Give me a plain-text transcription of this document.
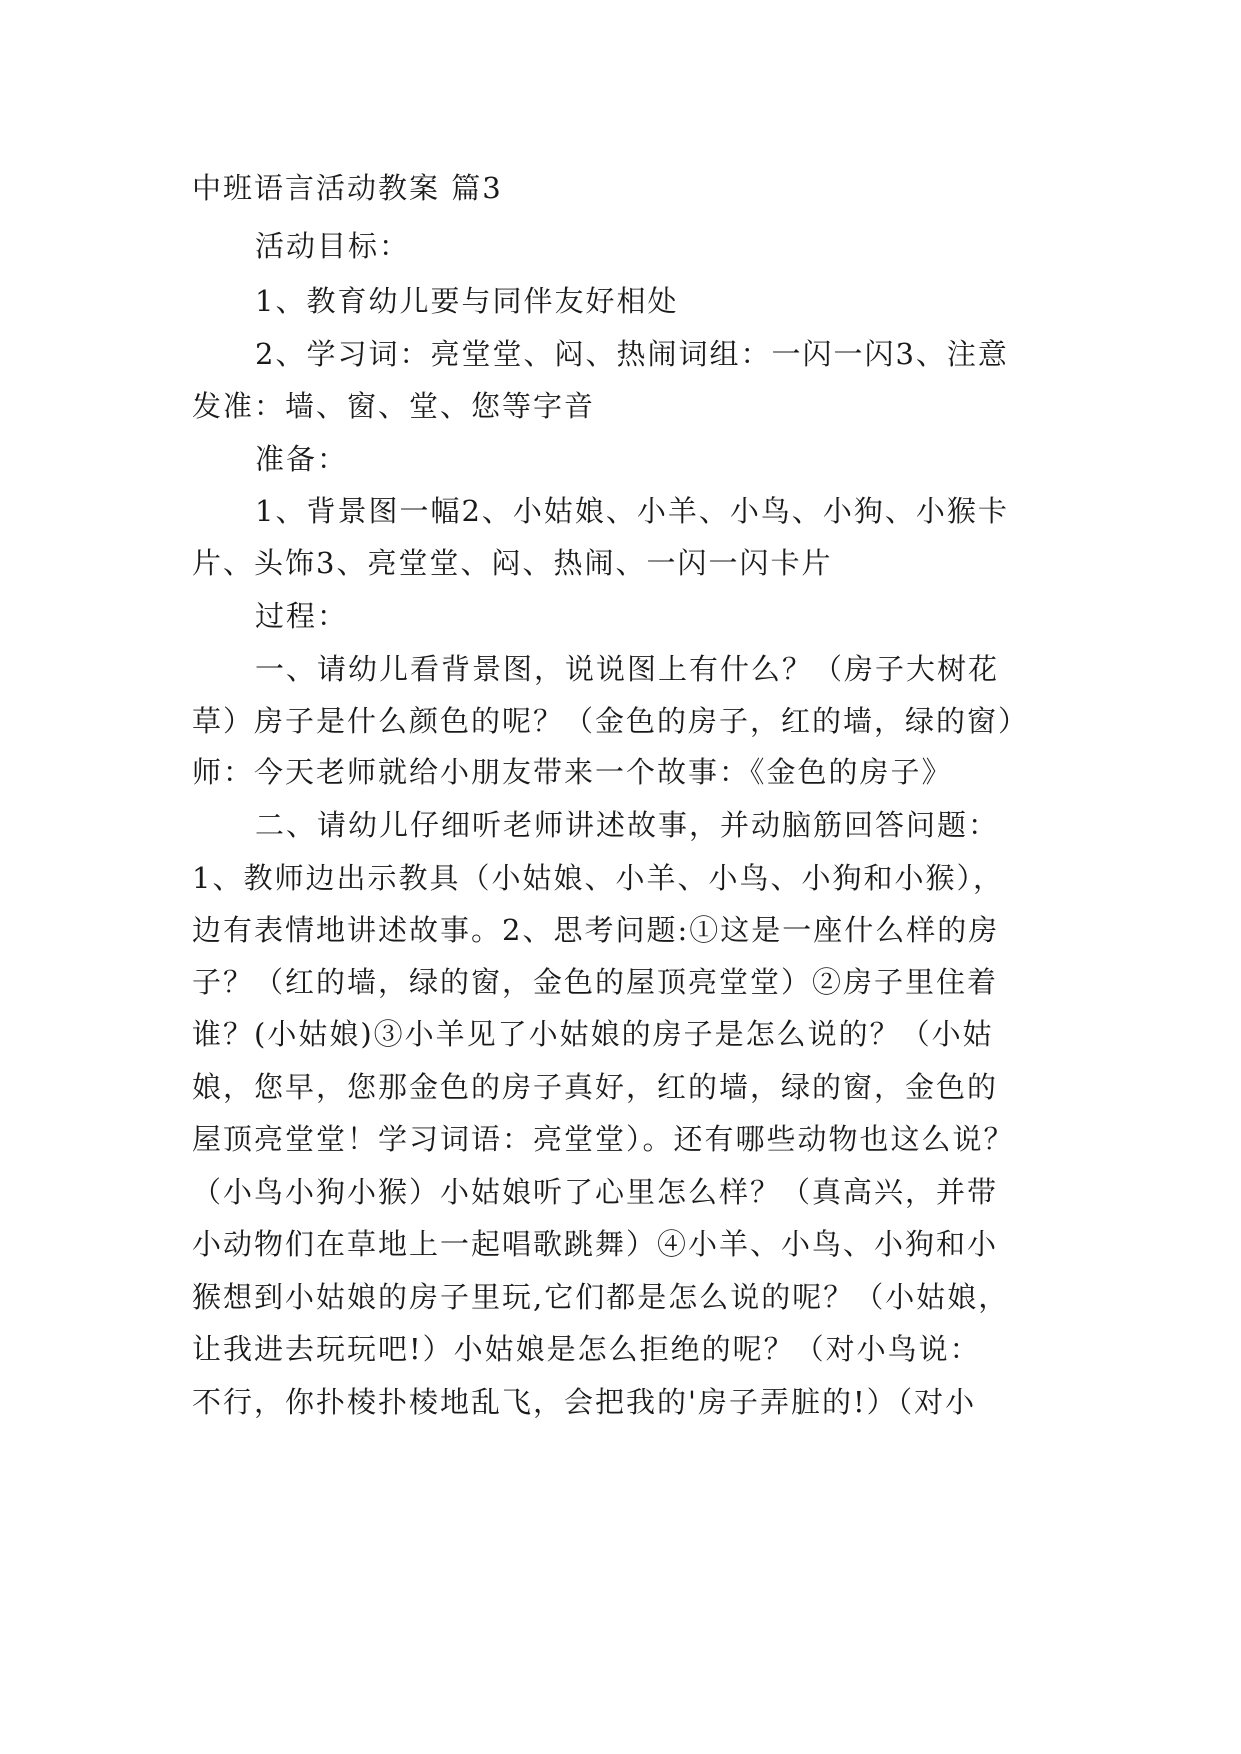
中班语言活动教案 篇3
活动目标：
1、教育幼儿要与同伴友好相处
2、学习词：亮堂堂、闷、热闹词组：一闪一闪3、注意
发准：墙、窗、堂、您等字音
准备：
1、背景图一幅2、小姑娘、小羊、小鸟、小狗、小猴卡
片、头饰3、亮堂堂、闷、热闹、一闪一闪卡片
过程：
一、请幼儿看背景图，说说图上有什么？（房子大树花
草）房子是什么颜色的呢？（金色的房子，红的墙，绿的窗）
师：今天老师就给小朋友带来一个故事：《金色的房子》
二、请幼儿仔细听老师讲述故事，并动脑筋回答问题：
1、教师边出示教具（小姑娘、小羊、小鸟、小狗和小猴），
边有表情地讲述故事。2、思考问题:①这是一座什么样的房
子？（红的墙，绿的窗，金色的屋顶亮堂堂）②房子里住着
谁？(小姑娘)③小羊见了小姑娘的房子是怎么说的？（小姑
娘，您早，您那金色的房子真好，红的墙，绿的窗，金色的
屋顶亮堂堂！学习词语：亮堂堂）。还有哪些动物也这么说？
（小鸟小狗小猴）小姑娘听了心里怎么样？（真高兴，并带
小动物们在草地上一起唱歌跳舞）④小羊、小鸟、小狗和小
猴想到小姑娘的房子里玩,它们都是怎么说的呢？（小姑娘，
让我进去玩玩吧!）小姑娘是怎么拒绝的呢？（对小鸟说：
不行，你扑棱扑棱地乱飞，会把我的'房子弄脏的!）（对小
